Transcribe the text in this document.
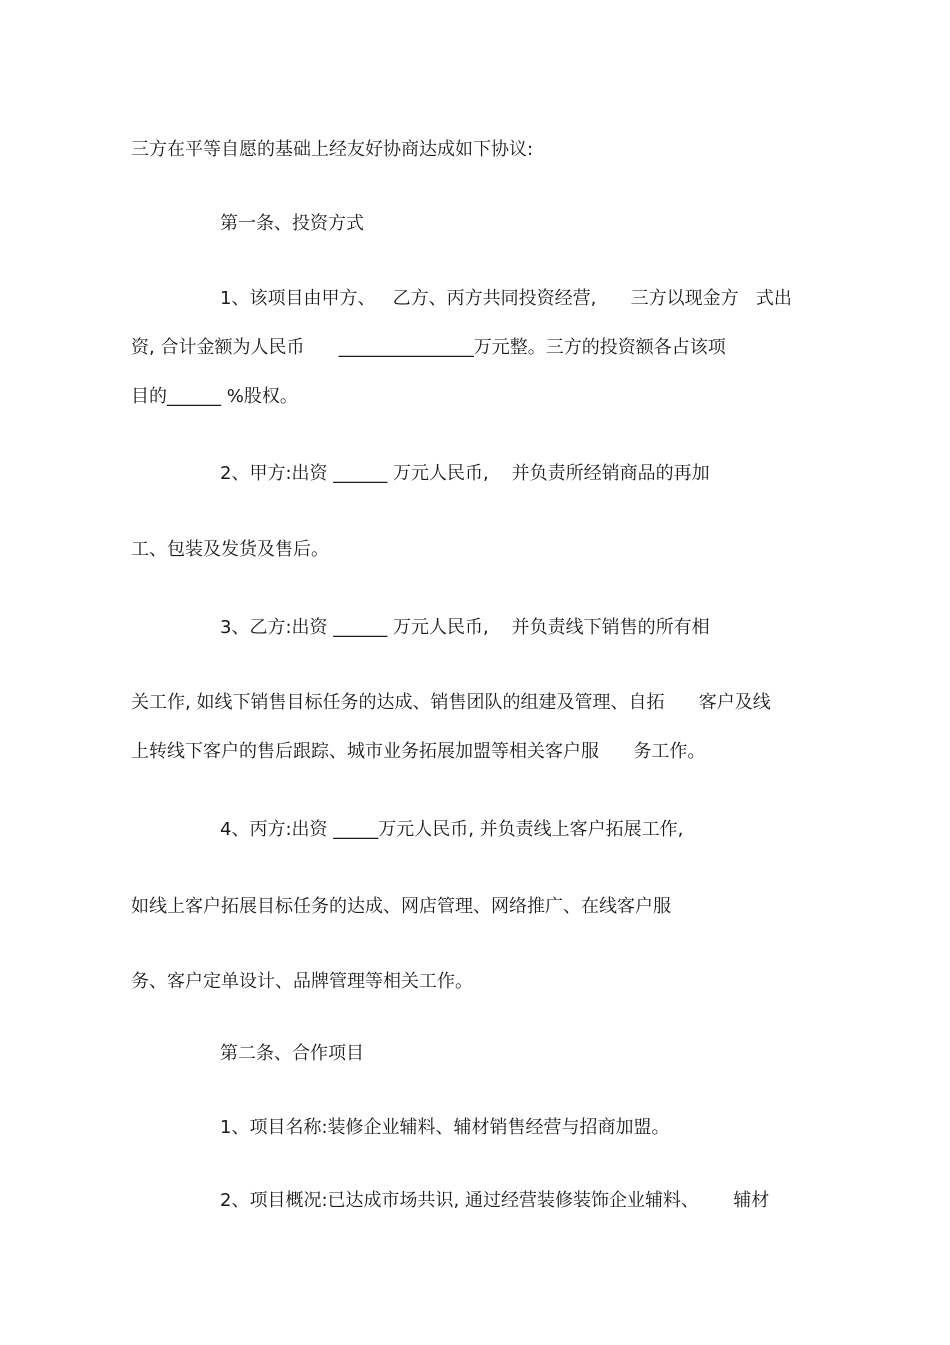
三方在平等自愿的基础上经友好协商达成如下协议:
第一条、投资方式
1、该项目由甲方、   乙方、丙方共同投资经营,      三方以现金方   式出
资, 合计金额为人民币      _______________万元整。三方的投资额各占该项
目的______ %股权。
2、甲方:出资 ______ 万元人民币,    并负责所经销商品的再加
工、包装及发货及售后。
3、乙方:出资 ______ 万元人民币,    并负责线下销售的所有相
关工作, 如线下销售目标任务的达成、销售团队的组建及管理、自拓      客户及线
上转线下客户的售后跟踪、城市业务拓展加盟等相关客户服      务工作。
4、丙方:出资 _____万元人民币, 并负责线上客户拓展工作,
如线上客户拓展目标任务的达成、网店管理、网络推广、在线客户服
务、客户定单设计、品牌管理等相关工作。
第二条、合作项目
1、项目名称:装修企业辅料、辅材销售经营与招商加盟。
2、项目概况:已达成市场共识, 通过经营装修装饰企业辅料、      辅材
